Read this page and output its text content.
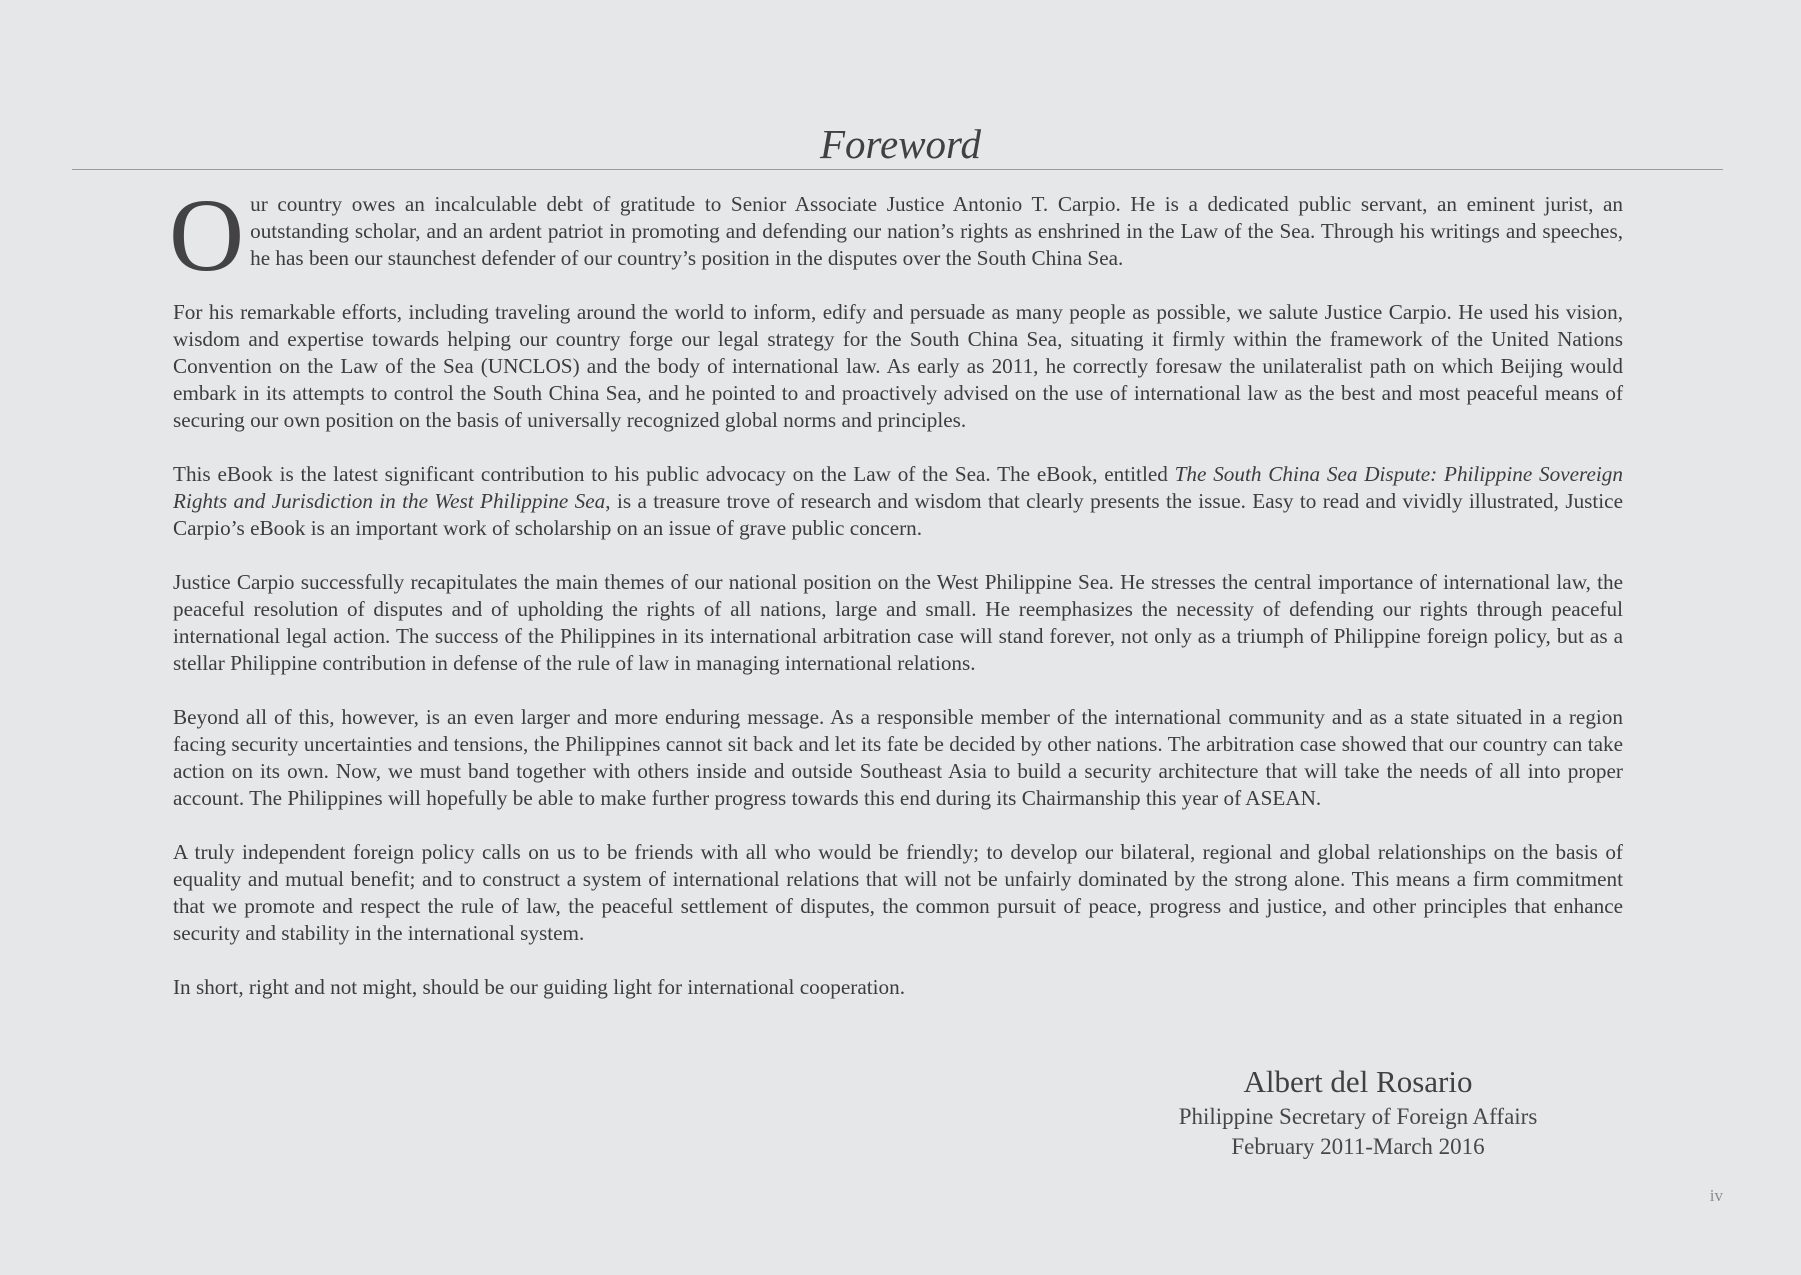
Foreword

Our country owes an incalculable debt of gratitude to Senior Associate Justice Antonio T. Carpio. He is a dedicated public servant, an eminent jurist, an outstanding scholar, and an ardent patriot in promoting and defending our nation’s rights as enshrined in the Law of the Sea. Through his writings and speeches, he has been our staunchest defender of our country’s position in the disputes over the South China Sea.

For his remarkable efforts, including traveling around the world to inform, edify and persuade as many people as possible, we salute Justice Carpio. He used his vision, wisdom and expertise towards helping our country forge our legal strategy for the South China Sea, situating it firmly within the framework of the United Nations Convention on the Law of the Sea (UNCLOS) and the body of international law. As early as 2011, he correctly foresaw the unilateralist path on which Beijing would embark in its attempts to control the South China Sea, and he pointed to and proactively advised on the use of international law as the best and most peaceful means of securing our own position on the basis of universally recognized global norms and principles.

This eBook is the latest significant contribution to his public advocacy on the Law of the Sea. The eBook, entitled The South China Sea Dispute: Philippine Sovereign Rights and Jurisdiction in the West Philippine Sea, is a treasure trove of research and wisdom that clearly presents the issue. Easy to read and vividly illustrated, Justice Carpio’s eBook is an important work of scholarship on an issue of grave public concern.

Justice Carpio successfully recapitulates the main themes of our national position on the West Philippine Sea. He stresses the central importance of international law, the peaceful resolution of disputes and of upholding the rights of all nations, large and small. He reemphasizes the necessity of defending our rights through peaceful international legal action. The success of the Philippines in its international arbitration case will stand forever, not only as a triumph of Philippine foreign policy, but as a stellar Philippine contribution in defense of the rule of law in managing international relations.

Beyond all of this, however, is an even larger and more enduring message. As a responsible member of the international community and as a state situated in a region facing security uncertainties and tensions, the Philippines cannot sit back and let its fate be decided by other nations. The arbitration case showed that our country can take action on its own. Now, we must band together with others inside and outside Southeast Asia to build a security architecture that will take the needs of all into proper account. The Philippines will hopefully be able to make further progress towards this end during its Chairmanship this year of ASEAN.

A truly independent foreign policy calls on us to be friends with all who would be friendly; to develop our bilateral, regional and global relationships on the basis of equality and mutual benefit; and to construct a system of international relations that will not be unfairly dominated by the strong alone. This means a firm commitment that we promote and respect the rule of law, the peaceful settlement of disputes, the common pursuit of peace, progress and justice, and other principles that enhance security and stability in the international system.

In short, right and not might, should be our guiding light for international cooperation.

Albert del Rosario
Philippine Secretary of Foreign Affairs
February 2011-March 2016
iv
